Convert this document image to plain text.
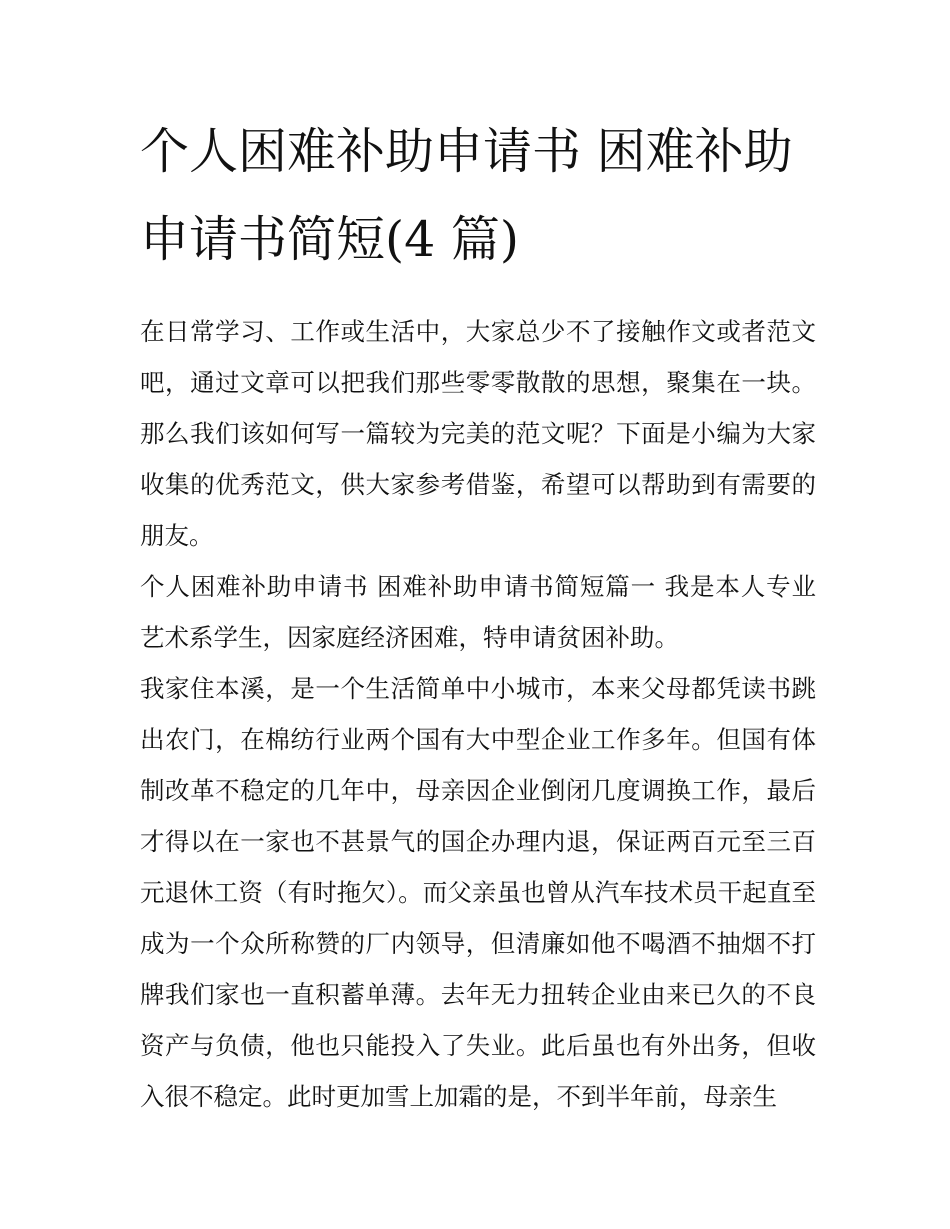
个人困难补助申请书 困难补助申请书简短(4 篇)

在日常学习、工作或生活中，大家总少不了接触作文或者范文吧，通过文章可以把我们那些零零散散的思想，聚集在一块。那么我们该如何写一篇较为完美的范文呢？下面是小编为大家收集的优秀范文，供大家参考借鉴，希望可以帮助到有需要的朋友。

个人困难补助申请书 困难补助申请书简短篇一 我是本人专业艺术系学生，因家庭经济困难，特申请贫困补助。

我家住本溪，是一个生活简单中小城市，本来父母都凭读书跳出农门，在棉纺行业两个国有大中型企业工作多年。但国有体制改革不稳定的几年中，母亲因企业倒闭几度调换工作，最后才得以在一家也不甚景气的国企办理内退，保证两百元至三百元退休工资（有时拖欠）。而父亲虽也曾从汽车技术员干起直至成为一个众所称赞的厂内领导，但清廉如他不喝酒不抽烟不打牌我们家也一直积蓄单薄。去年无力扭转企业由来已久的不良资产与负债，他也只能投入了失业。此后虽也有外出务，但收入很不稳定。此时更加雪上加霜的是，不到半年前，母亲生
